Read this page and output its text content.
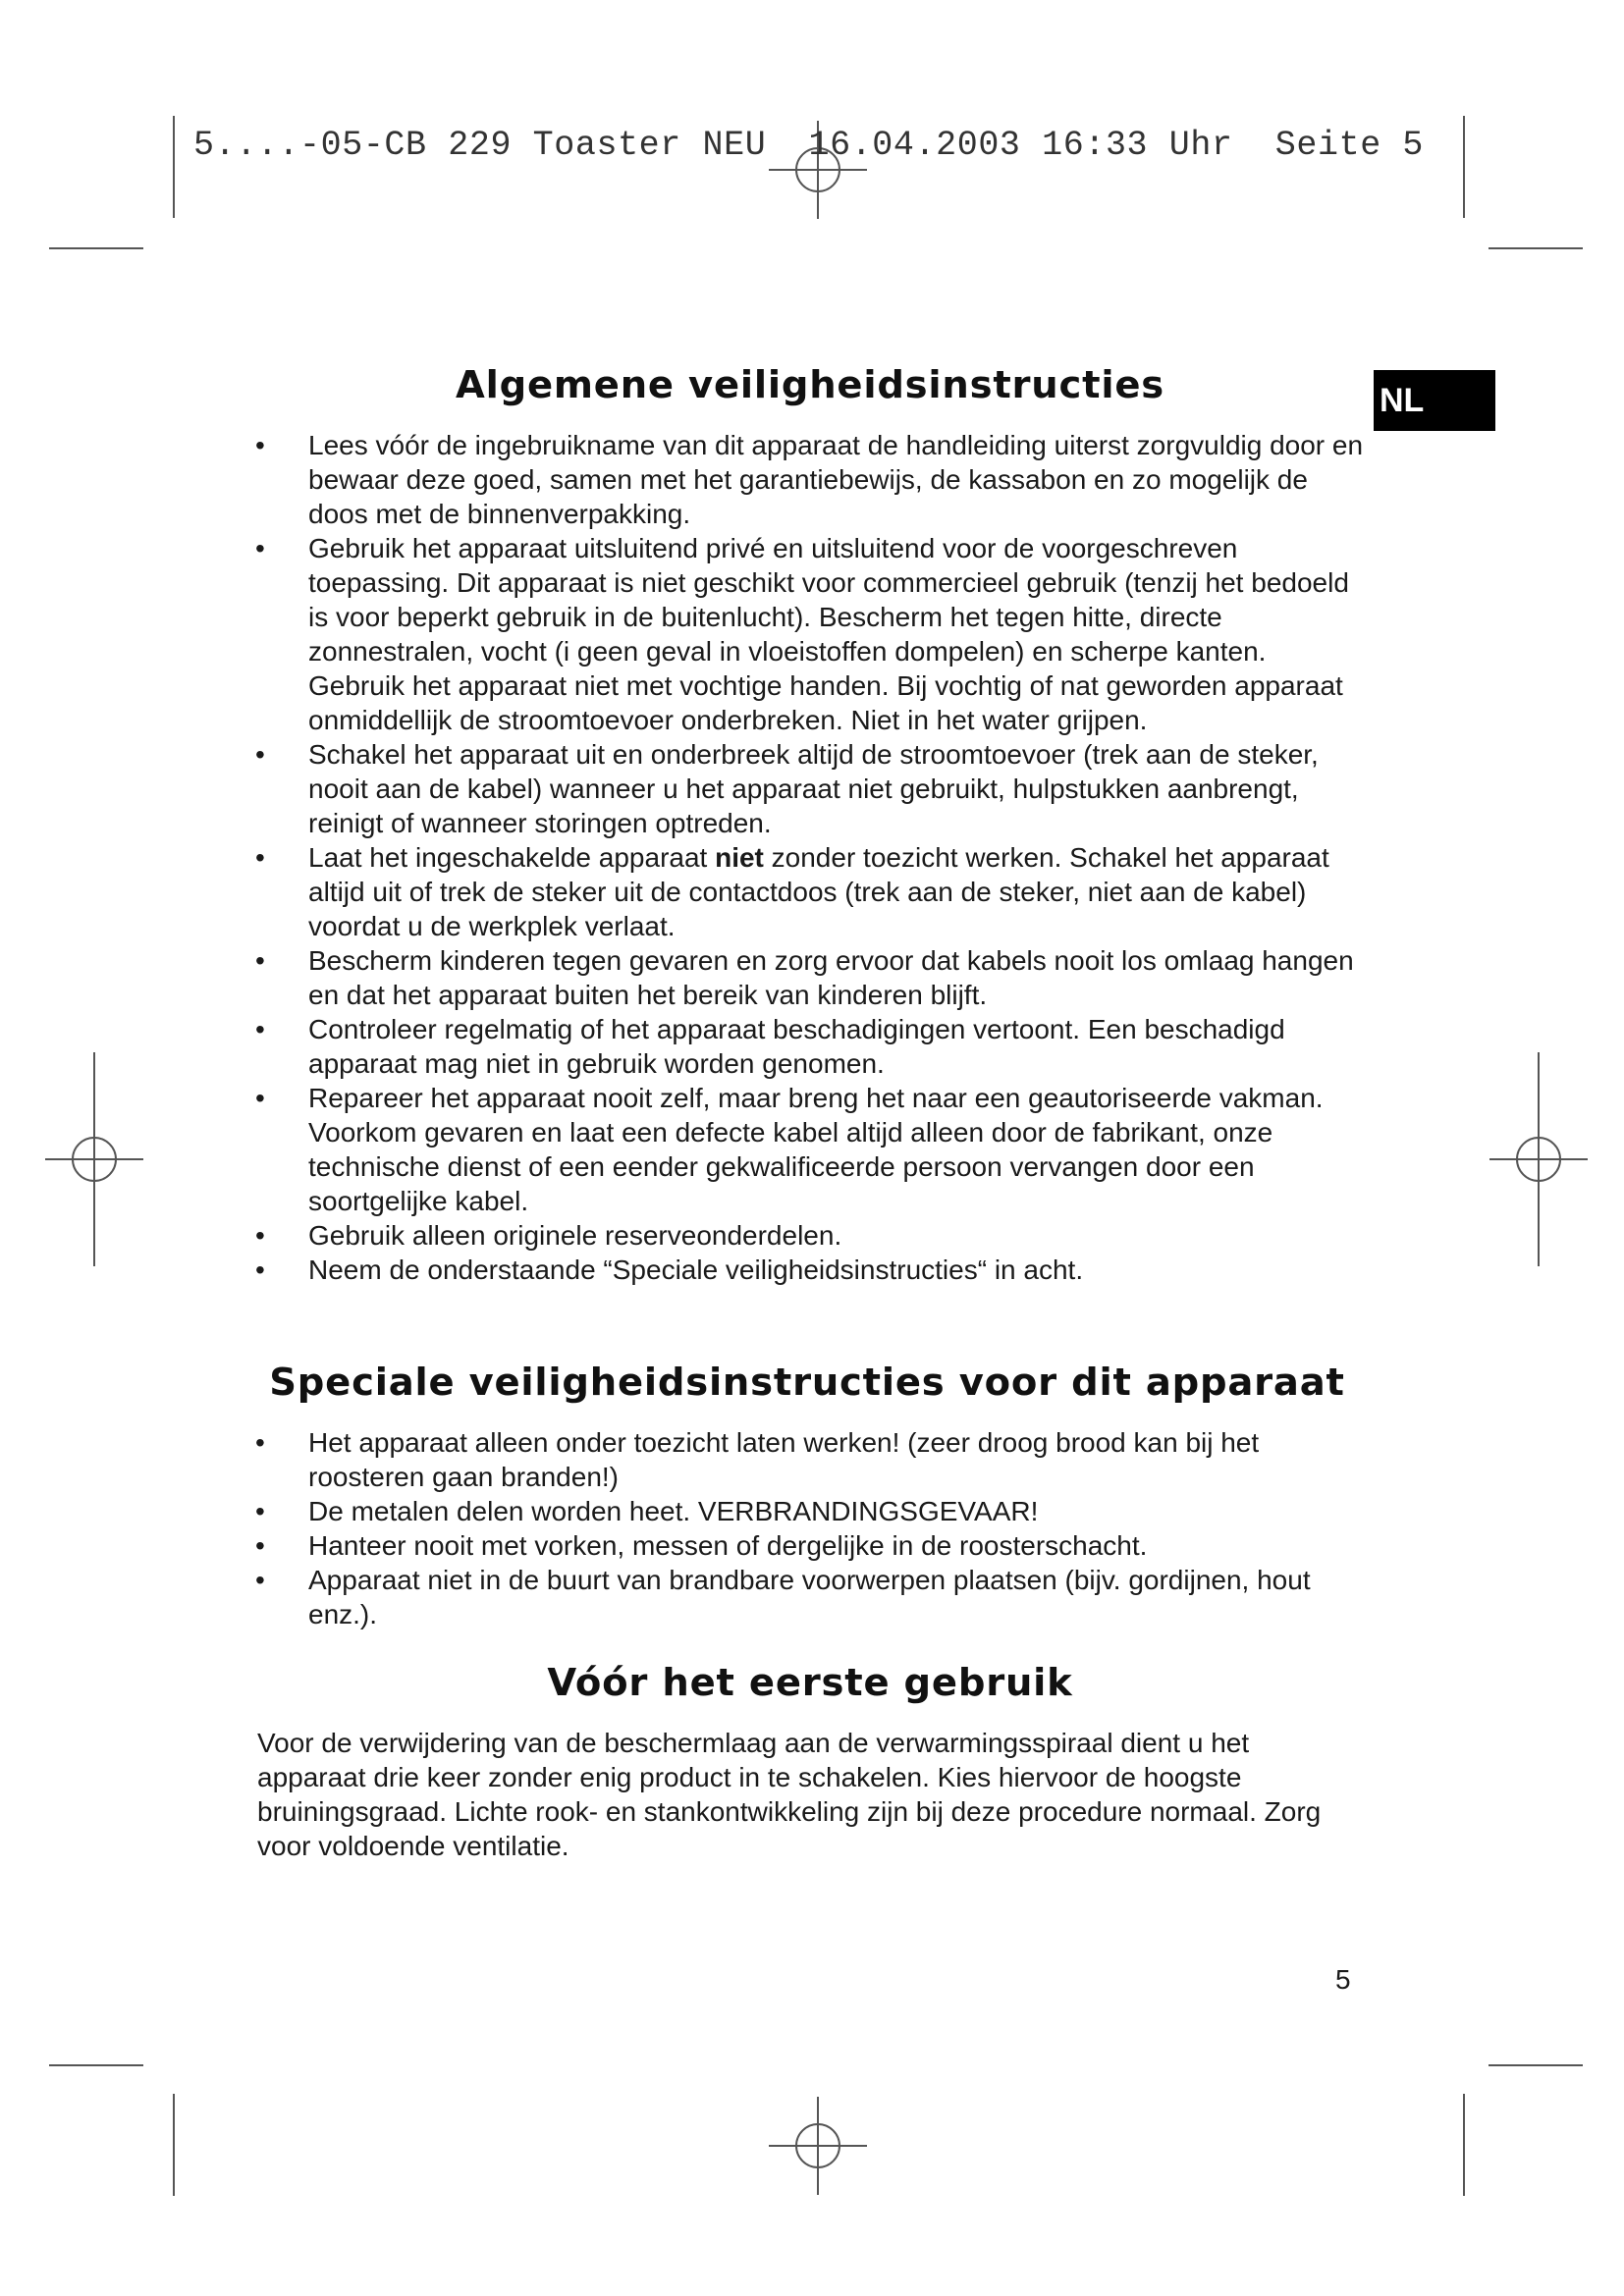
5....-05-CB 229 Toaster NEU  16.04.2003 16:33 Uhr  Seite 5
NL
Algemene veiligheidsinstructies
• Lees vóór de ingebruikname van dit apparaat de handleiding uiterst zorgvuldig door en bewaar deze goed, samen met het garantiebewijs, de kassabon en zo mogelijk de doos met de binnenverpakking.
• Gebruik het apparaat uitsluitend privé en uitsluitend voor de voorgeschreven toepassing. Dit apparaat is niet geschikt voor commercieel gebruik (tenzij het bedoeld is voor beperkt gebruik in de buitenlucht). Bescherm het tegen hitte, directe zonnestralen, vocht (i geen geval in vloeistoffen dompelen) en scherpe kanten. Gebruik het apparaat niet met vochtige handen. Bij vochtig of nat geworden apparaat onmiddellijk de stroomtoevoer onderbreken. Niet in het water grijpen.
• Schakel het apparaat uit en onderbreek altijd de stroomtoevoer (trek aan de steker, nooit aan de kabel) wanneer u het apparaat niet gebruikt, hulpstukken aanbrengt, reinigt of wanneer storingen optreden.
• Laat het ingeschakelde apparaat niet zonder toezicht werken. Schakel het apparaat altijd uit of trek de steker uit de contactdoos (trek aan de steker, niet aan de kabel) voordat u de werkplek verlaat.
• Bescherm kinderen tegen gevaren en zorg ervoor dat kabels nooit los omlaag hangen en dat het apparaat buiten het bereik van kinderen blijft.
• Controleer regelmatig of het apparaat beschadigingen vertoont. Een beschadigd apparaat mag niet in gebruik worden genomen.
• Repareer het apparaat nooit zelf, maar breng het naar een geautoriseerde vakman. Voorkom gevaren en laat een defecte kabel altijd alleen door de fabrikant, onze technische dienst of een eender gekwalificeerde persoon vervangen door een soortgelijke kabel.
• Gebruik alleen originele reserveonderdelen.
• Neem de onderstaande “Speciale veiligheidsinstructies“ in acht.
Speciale veiligheidsinstructies voor dit apparaat
• Het apparaat alleen onder toezicht laten werken! (zeer droog brood kan bij het roosteren gaan branden!)
• De metalen delen worden heet. VERBRANDINGSGEVAAR!
• Hanteer nooit met vorken, messen of dergelijke in de roosterschacht.
• Apparaat niet in de buurt van brandbare voorwerpen plaatsen (bijv. gordijnen, hout enz.).
Vóór het eerste gebruik

Voor de verwijdering van de beschermlaag aan de verwarmingsspiraal dient u het apparaat drie keer zonder enig product in te schakelen. Kies hiervoor de hoogste bruiningsgraad. Lichte rook- en stankontwikkeling zijn bij deze procedure normaal. Zorg voor voldoende ventilatie.

5
